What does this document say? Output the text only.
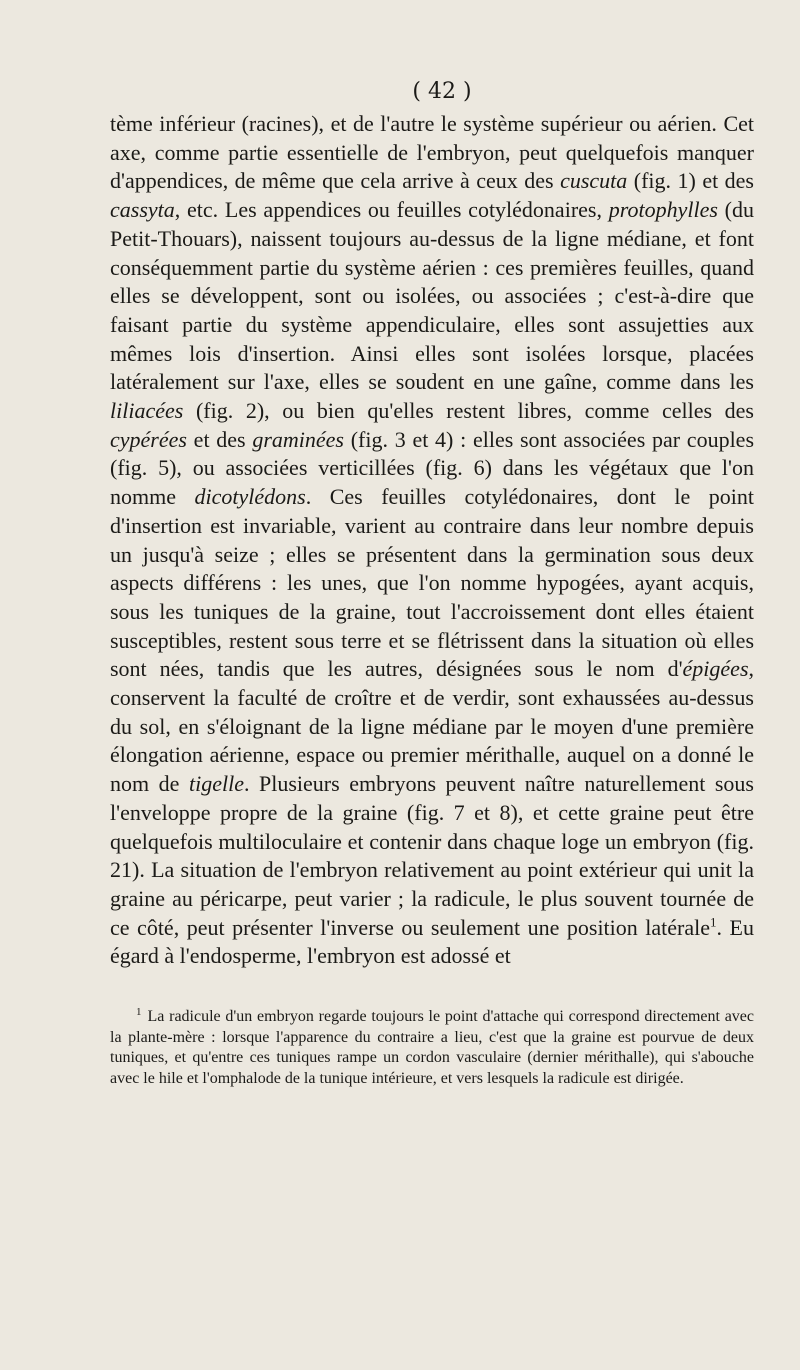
( 42 )

tème inférieur (racines), et de l'autre le système supérieur ou aérien. Cet axe, comme partie essentielle de l'embryon, peut quelquefois manquer d'appendices, de même que cela arrive à ceux des cuscuta (fig. 1) et des cassyta, etc. Les appendices ou feuilles cotylédonaires, protophylles (du Petit-Thouars), naissent toujours au-dessus de la ligne médiane, et font conséquemment partie du système aérien : ces premières feuilles, quand elles se développent, sont ou isolées, ou associées ; c'est-à-dire que faisant partie du système appendiculaire, elles sont assujetties aux mêmes lois d'insertion. Ainsi elles sont isolées lorsque, placées latéralement sur l'axe, elles se soudent en une gaîne, comme dans les liliacées (fig. 2), ou bien qu'elles restent libres, comme celles des cypérées et des graminées (fig. 3 et 4) : elles sont associées par couples (fig. 5), ou associées verticillées (fig. 6) dans les végétaux que l'on nomme dicotylédons. Ces feuilles cotylédonaires, dont le point d'insertion est invariable, varient au contraire dans leur nombre depuis un jusqu'à seize ; elles se présentent dans la germination sous deux aspects différens : les unes, que l'on nomme hypogées, ayant acquis, sous les tuniques de la graine, tout l'accroissement dont elles étaient susceptibles, restent sous terre et se flétrissent dans la situation où elles sont nées, tandis que les autres, désignées sous le nom d'épigées, conservent la faculté de croître et de verdir, sont exhaussées au-dessus du sol, en s'éloignant de la ligne médiane par le moyen d'une première élongation aérienne, espace ou premier mérithalle, auquel on a donné le nom de tigelle. Plusieurs embryons peuvent naître naturellement sous l'enveloppe propre de la graine (fig. 7 et 8), et cette graine peut être quelquefois multiloculaire et contenir dans chaque loge un embryon (fig. 21). La situation de l'embryon relativement au point extérieur qui unit la graine au péricarpe, peut varier ; la radicule, le plus souvent tournée de ce côté, peut présenter l'inverse ou seulement une position latérale$^1$. Eu égard à l'endosperme, l'embryon est adossé et

$^1$ La radicule d'un embryon regarde toujours le point d'attache qui correspond directement avec la plante-mère : lorsque l'apparence du contraire a lieu, c'est que la graine est pourvue de deux tuniques, et qu'entre ces tuniques rampe un cordon vasculaire (dernier mérithalle), qui s'abouche avec le hile et l'omphalode de la tunique intérieure, et vers lesquels la radicule est dirigée.
